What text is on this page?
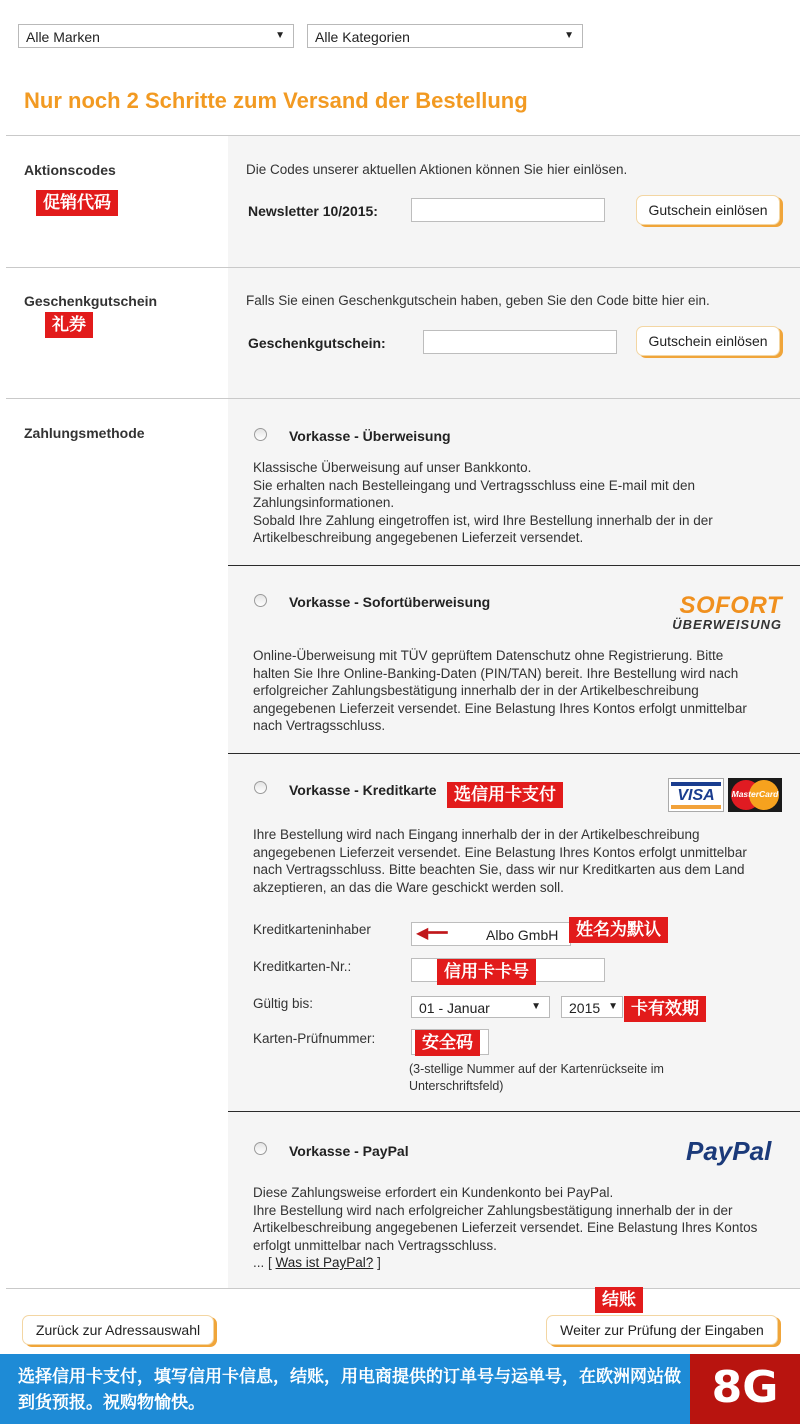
Alle Marken	▼	Alle Kategorien	▼
Nur noch 2 Schritte zum Versand der Bestellung
Aktionscodes
促销代码
Die Codes unserer aktuellen Aktionen können Sie hier einlösen.
Newsletter 10/2015:	Gutschein einlösen
Geschenkgutschein
礼券
Falls Sie einen Geschenkgutschein haben, geben Sie den Code bitte hier ein.
Geschenkgutschein:	Gutschein einlösen
Zahlungsmethode	Vorkasse - Überweisung
Klassische Überweisung auf unser Bankkonto.
Sie erhalten nach Bestelleingang und Vertragsschluss eine E-mail mit den
Zahlungsinformationen.
Sobald Ihre Zahlung eingetroffen ist, wird Ihre Bestellung innerhalb der in der
Artikelbeschreibung angegebenen Lieferzeit versendet.
Vorkasse - Sofortüberweisung	SOFORT
ÜBERWEISUNG
Online-Überweisung mit TÜV geprüftem Datenschutz ohne Registrierung. Bitte
halten Sie Ihre Online-Banking-Daten (PIN/TAN) bereit. Ihre Bestellung wird nach
erfolgreicher Zahlungsbestätigung innerhalb der in der Artikelbeschreibung
angegebenen Lieferzeit versendet. Eine Belastung Ihres Kontos erfolgt unmittelbar
nach Vertragsschluss.
Vorkasse - Kreditkarte	选信用卡支付	VISA	MasterCard
Ihre Bestellung wird nach Eingang innerhalb der in der Artikelbeschreibung
angegebenen Lieferzeit versendet. Eine Belastung Ihres Kontos erfolgt unmittelbar
nach Vertragsschluss. Bitte beachten Sie, dass wir nur Kreditkarten aus dem Land
akzeptieren, an das die Ware geschickt werden soll.
Kreditkarteninhaber	◀━━	Albo GmbH	姓名为默认
Kreditkarten-Nr.:	信用卡卡号
Gültig bis:	01 - Januar	▼	2015 ▼ 卡有效期
Karten-Prüfnummer:	安全码
(3-stellige Nummer auf der Kartenrückseite im
Unterschriftsfeld)
Vorkasse - PayPal	PayPal
Diese Zahlungsweise erfordert ein Kundenkonto bei PayPal.
Ihre Bestellung wird nach erfolgreicher Zahlungsbestätigung innerhalb der in der
Artikelbeschreibung angegebenen Lieferzeit versendet. Eine Belastung Ihres Kontos
erfolgt unmittelbar nach Vertragsschluss.
... [ Was ist PayPal? ]
Zurück zur Adressauswahl
结账
Weiter zur Prüfung der Eingaben
选择信用卡支付，填写信用卡信息，结账，用电商提供的订单号与运单号，在欧洲网站做到货预报。祝购物愉快。	8G
